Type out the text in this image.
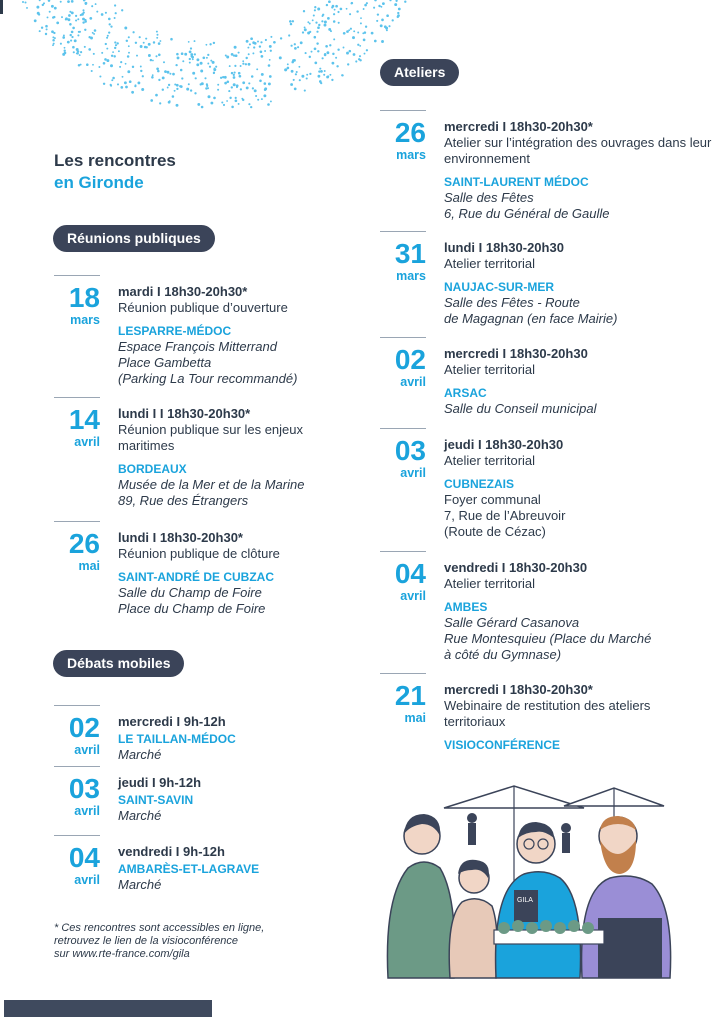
Les rencontres
en Gironde
Réunions publiques
Débats mobiles
Ateliers
18
mars
mardi I 18h30-20h30*
Réunion publique d’ouverture
LESPARRE-MÉDOC
Espace François Mitterrand
Place Gambetta
(Parking La Tour recommandé)
14
avril
lundi I I 18h30-20h30*
Réunion publique sur les enjeux maritimes
BORDEAUX
Musée de la Mer et de la Marine
89, Rue des Étrangers
26
mai
lundi I 18h30-20h30*
Réunion publique de clôture
SAINT-ANDRÉ DE CUBZAC
Salle du Champ de Foire
Place du Champ de Foire
02
avril
mercredi I 9h-12h
LE TAILLAN-MÉDOC
Marché
03
avril
jeudi I 9h-12h
SAINT-SAVIN
Marché
04
avril
vendredi I 9h-12h
AMBARÈS-ET-LAGRAVE
Marché
26
mars
mercredi I 18h30-20h30*
Atelier sur l’intégration des ouvrages dans leur environnement
SAINT-LAURENT MÉDOC
Salle des Fêtes
6, Rue du Général de Gaulle
31
mars
lundi I 18h30-20h30
Atelier territorial
NAUJAC-SUR-MER
Salle des Fêtes - Route
de Magagnan (en face Mairie)
02
avril
mercredi I 18h30-20h30
Atelier territorial
ARSAC
Salle du Conseil municipal
03
avril
jeudi I 18h30-20h30
Atelier territorial
CUBNEZAIS
Foyer communal
7, Rue de l’Abreuvoir
(Route de Cézac)
04
avril
vendredi I 18h30-20h30
Atelier territorial
AMBES
Salle Gérard Casanova
Rue Montesquieu (Place du Marché
à côté du Gymnase)
21
mai
mercredi I 18h30-20h30*
Webinaire de restitution des ateliers territoriaux
VISIOCONFÉRENCE
GILA
* Ces rencontres sont accessibles en ligne,
retrouvez le lien de la visioconférence
sur www.rte-france.com/gila
